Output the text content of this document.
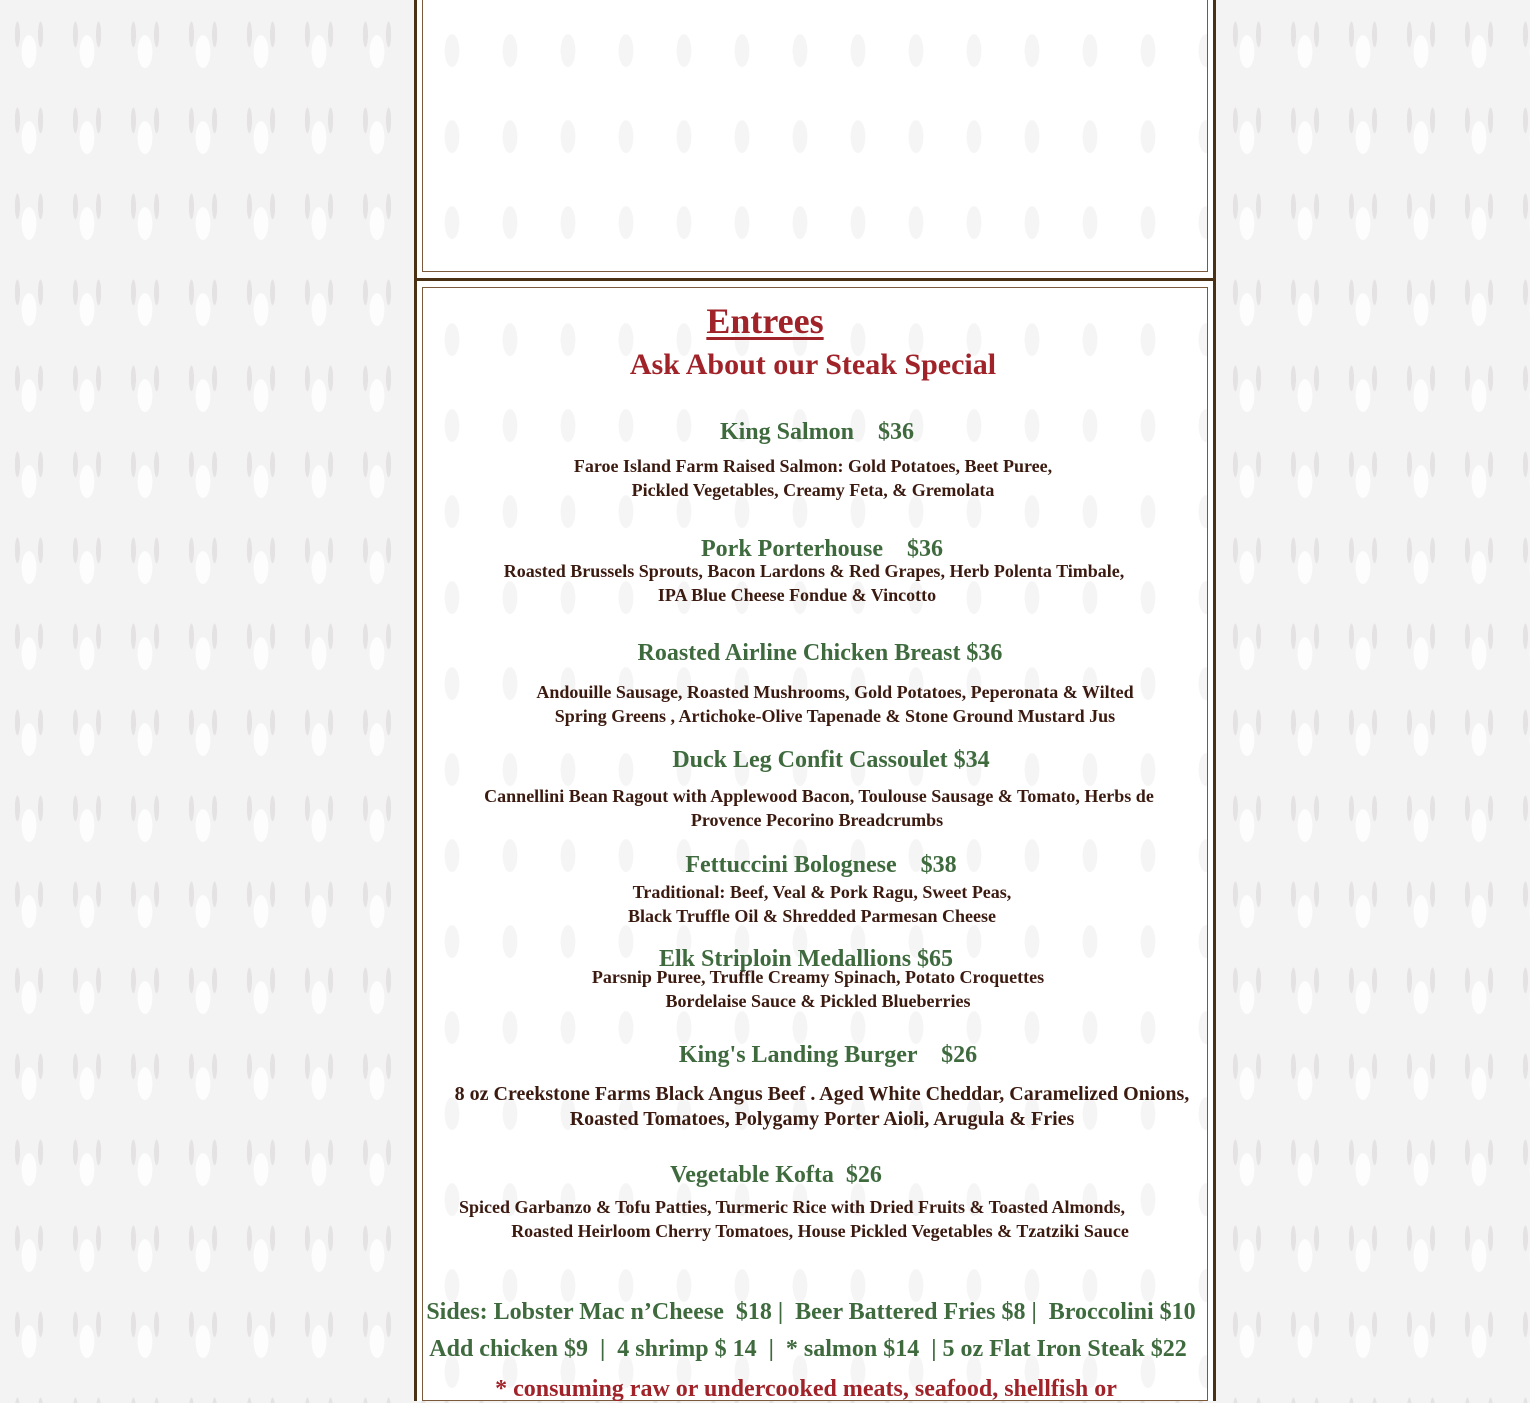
Entrees
Ask About our Steak Special
King Salmon    $36
Faroe Island Farm Raised Salmon: Gold Potatoes, Beet Puree,
Pickled Vegetables, Creamy Feta, & Gremolata
Pork Porterhouse    $36
Roasted Brussels Sprouts, Bacon Lardons & Red Grapes, Herb Polenta Timbale,
IPA Blue Cheese Fondue & Vincotto
Roasted Airline Chicken Breast $36
Andouille Sausage, Roasted Mushrooms, Gold Potatoes, Peperonata & Wilted
Spring Greens , Artichoke-Olive Tapenade & Stone Ground Mustard Jus
Duck Leg Confit Cassoulet $34
Cannellini Bean Ragout with Applewood Bacon, Toulouse Sausage & Tomato, Herbs de
Provence Pecorino Breadcrumbs
Fettuccini Bolognese    $38
Traditional: Beef, Veal & Pork Ragu, Sweet Peas,
Black Truffle Oil & Shredded Parmesan Cheese
Elk Striploin Medallions $65
Parsnip Puree, Truffle Creamy Spinach, Potato Croquettes
Bordelaise Sauce & Pickled Blueberries
King's Landing Burger    $26
8 oz Creekstone Farms Black Angus Beef . Aged White Cheddar, Caramelized Onions,
Roasted Tomatoes, Polygamy Porter Aioli, Arugula & Fries
Vegetable Kofta  $26
Spiced Garbanzo & Tofu Patties, Turmeric Rice with Dried Fruits & Toasted Almonds,
Roasted Heirloom Cherry Tomatoes, House Pickled Vegetables & Tzatziki Sauce
Sides: Lobster Mac n’Cheese  $18 |  Beer Battered Fries $8 |  Broccolini $10
Add chicken $9  |  4 shrimp $ 14  |  * salmon $14  | 5 oz Flat Iron Steak $22
* consuming raw or undercooked meats, seafood, shellfish or
